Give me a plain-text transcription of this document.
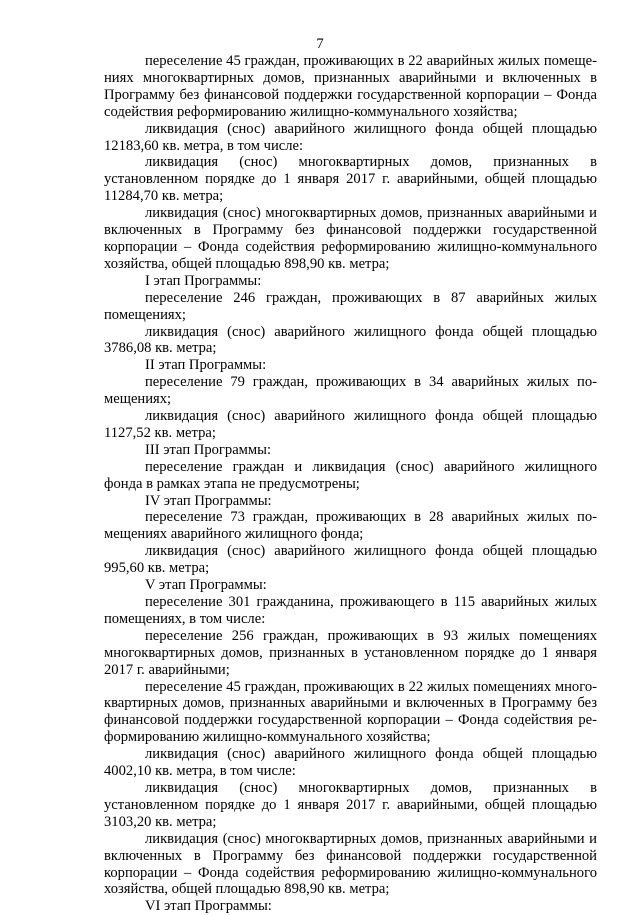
7

переселение 45 граждан, проживающих в 22 аварийных жилых помещениях многоквартирных домов, признанных аварийными и включенных в Программу без финансовой поддержки государственной корпорации – Фонда содействия реформированию жилищно-коммунального хозяйства;

ликвидация (снос) аварийного жилищного фонда общей площадью 12183,60 кв. метра, в том числе:

ликвидация (снос) многоквартирных домов, признанных в установленном порядке до 1 января 2017 г. аварийными, общей площадью 11284,70 кв. метра;

ликвидация (снос) многоквартирных домов, признанных аварийными и включенных в Программу без финансовой поддержки государственной корпорации – Фонда содействия реформированию жилищно-коммунального хозяйства, общей площадью 898,90 кв. метра;

I этап Программы:

переселение 246 граждан, проживающих в 87 аварийных жилых помещениях;

ликвидация (снос) аварийного жилищного фонда общей площадью 3786,08 кв. метра;

II этап Программы:

переселение 79 граждан, проживающих в 34 аварийных жилых помещениях;

ликвидация (снос) аварийного жилищного фонда общей площадью 1127,52 кв. метра;

III этап Программы:

переселение граждан и ликвидация (снос) аварийного жилищного фонда в рамках этапа не предусмотрены;

IV этап Программы:

переселение 73 граждан, проживающих в 28 аварийных жилых помещениях аварийного жилищного фонда;

ликвидация (снос) аварийного жилищного фонда общей площадью 995,60 кв. метра;

V этап Программы:

переселение 301 гражданина, проживающего в 115 аварийных жилых помещениях, в том числе:

переселение 256 граждан, проживающих в 93 жилых помещениях многоквартирных домов, признанных в установленном порядке до 1 января 2017 г. аварийными;

переселение 45 граждан, проживающих в 22 жилых помещениях многоквартирных домов, признанных аварийными и включенных в Программу без финансовой поддержки государственной корпорации – Фонда содействия реформированию жилищно-коммунального хозяйства;

ликвидация (снос) аварийного жилищного фонда общей площадью 4002,10 кв. метра, в том числе:

ликвидация (снос) многоквартирных домов, признанных в установленном порядке до 1 января 2017 г. аварийными, общей площадью 3103,20 кв. метра;

ликвидация (снос) многоквартирных домов, признанных аварийными и включенных в Программу без финансовой поддержки государственной корпорации – Фонда содействия реформированию жилищно-коммунального хозяйства, общей площадью 898,90 кв. метра;

VI этап Программы:
